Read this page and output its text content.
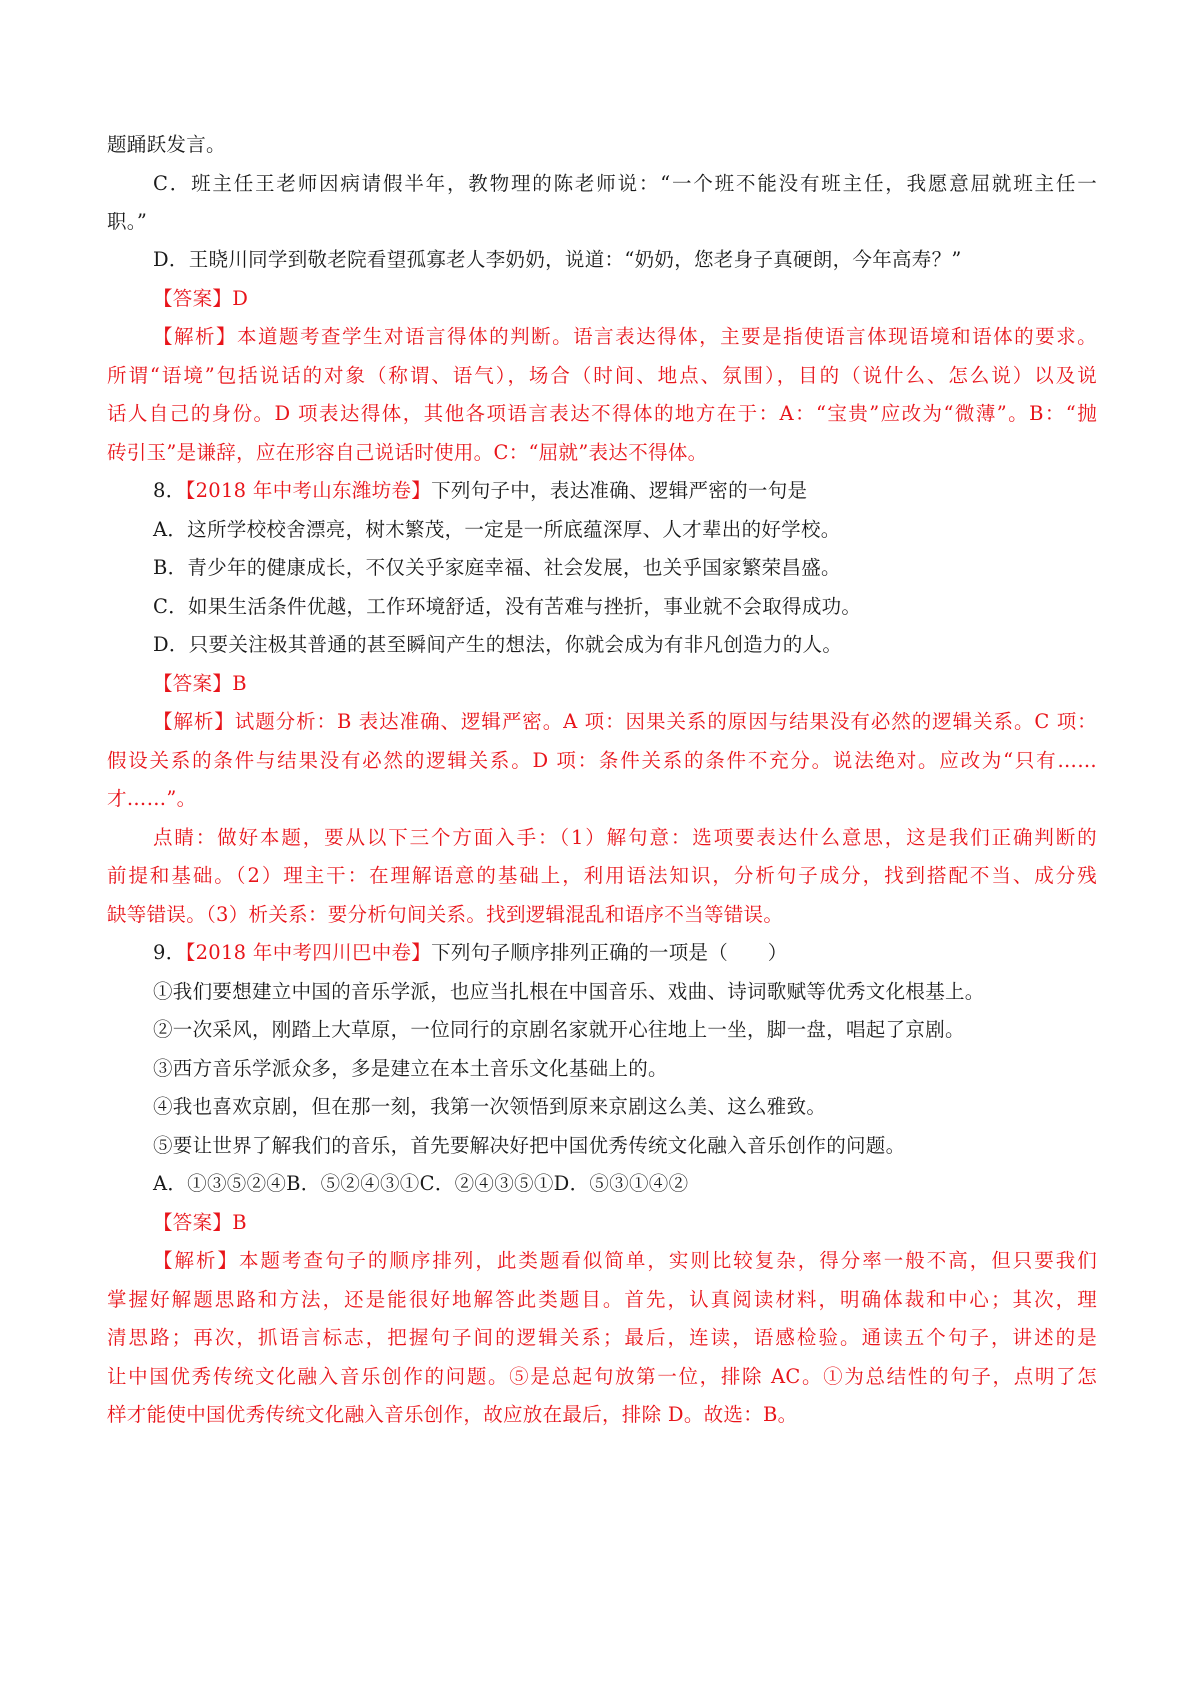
题踊跃发言。
C．班主任王老师因病请假半年，教物理的陈老师说：“一个班不能没有班主任，我愿意屈就班主任一
职。”
D．王晓川同学到敬老院看望孤寡老人李奶奶，说道：“奶奶，您老身子真硬朗，今年高寿？”
【答案】D
【解析】本道题考查学生对语言得体的判断。语言表达得体，主要是指使语言体现语境和语体的要求。
所谓“语境”包括说话的对象（称谓、语气），场合（时间、地点、氛围），目的（说什么、怎么说）以及说
话人自己的身份。D 项表达得体，其他各项语言表达不得体的地方在于：A：“宝贵”应改为“微薄”。B：“抛
砖引玉”是谦辞，应在形容自己说话时使用。C：“屈就”表达不得体。
8．【2018 年中考山东潍坊卷】下列句子中，表达准确、逻辑严密的一句是
A．这所学校校舍漂亮，树木繁茂，一定是一所底蕴深厚、人才辈出的好学校。
B．青少年的健康成长，不仅关乎家庭幸福、社会发展，也关乎国家繁荣昌盛。
C．如果生活条件优越，工作环境舒适，没有苦难与挫折，事业就不会取得成功。
D．只要关注极其普通的甚至瞬间产生的想法，你就会成为有非凡创造力的人。
【答案】B
【解析】试题分析：B 表达准确、逻辑严密。A 项：因果关系的原因与结果没有必然的逻辑关系。C 项：
假设关系的条件与结果没有必然的逻辑关系。D 项：条件关系的条件不充分。说法绝对。应改为“只有……
才……”。
点睛：做好本题，要从以下三个方面入手：（1）解句意：选项要表达什么意思，这是我们正确判断的
前提和基础。（2）理主干：在理解语意的基础上，利用语法知识，分析句子成分，找到搭配不当、成分残
缺等错误。（3）析关系：要分析句间关系。找到逻辑混乱和语序不当等错误。
9．【2018 年中考四川巴中卷】下列句子顺序排列正确的一项是（　　）
①我们要想建立中国的音乐学派，也应当扎根在中国音乐、戏曲、诗词歌赋等优秀文化根基上。
②一次采风，刚踏上大草原，一位同行的京剧名家就开心往地上一坐，脚一盘，唱起了京剧。
③西方音乐学派众多，多是建立在本土音乐文化基础上的。
④我也喜欢京剧，但在那一刻，我第一次领悟到原来京剧这么美、这么雅致。
⑤要让世界了解我们的音乐，首先要解决好把中国优秀传统文化融入音乐创作的问题。
A．①③⑤②④B．⑤②④③①C．②④③⑤①D．⑤③①④②
【答案】B
【解析】本题考查句子的顺序排列，此类题看似简单，实则比较复杂，得分率一般不高，但只要我们
掌握好解题思路和方法，还是能很好地解答此类题目。首先，认真阅读材料，明确体裁和中心；其次，理
清思路；再次，抓语言标志，把握句子间的逻辑关系；最后，连读，语感检验。通读五个句子，讲述的是
让中国优秀传统文化融入音乐创作的问题。⑤是总起句放第一位，排除 AC。①为总结性的句子，点明了怎
样才能使中国优秀传统文化融入音乐创作，故应放在最后，排除 D。故选：B。
